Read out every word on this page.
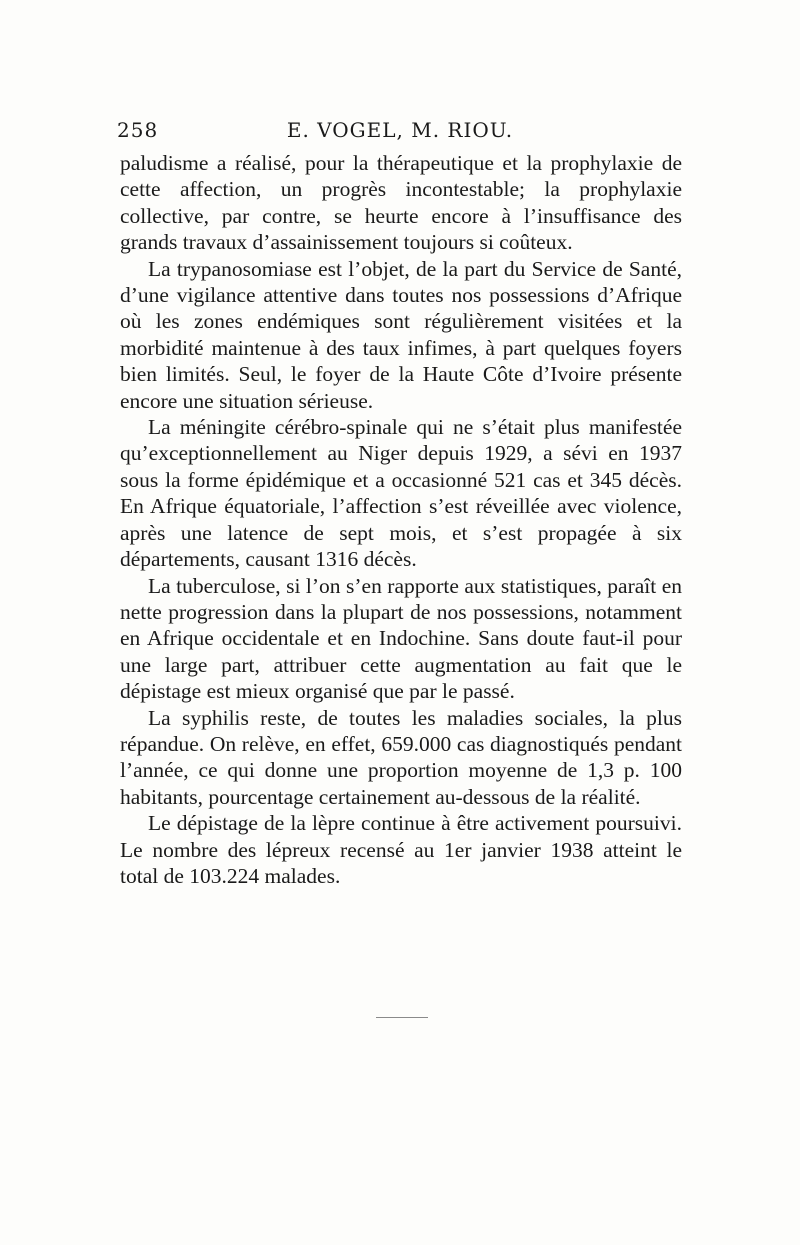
258	E. VOGEL, M. RIOU.

paludisme a réalisé, pour la thérapeutique et la prophylaxie de cette affection, un progrès incontestable; la prophylaxie collective, par contre, se heurte encore à l’insuffisance des grands travaux d’assainissement toujours si coûteux.

La trypanosomiase est l’objet, de la part du Service de Santé, d’une vigilance attentive dans toutes nos possessions d’Afrique où les zones endémiques sont régulièrement visitées et la morbidité maintenue à des taux infimes, à part quelques foyers bien limités. Seul, le foyer de la Haute Côte d’Ivoire présente encore une situation sérieuse.

La méningite cérébro-spinale qui ne s’était plus manifestée qu’exceptionnellement au Niger depuis 1929, a sévi en 1937 sous la forme épidémique et a occasionné 521 cas et 345 décès. En Afrique équatoriale, l’affection s’est réveillée avec violence, après une latence de sept mois, et s’est propagée à six départements, causant 1316 décès.

La tuberculose, si l’on s’en rapporte aux statistiques, paraît en nette progression dans la plupart de nos possessions, notamment en Afrique occidentale et en Indochine. Sans doute faut-il pour une large part, attribuer cette augmentation au fait que le dépistage est mieux organisé que par le passé.

La syphilis reste, de toutes les maladies sociales, la plus répandue. On relève, en effet, 659.000 cas diagnostiqués pendant l’année, ce qui donne une proportion moyenne de 1,3 p. 100 habitants, pourcentage certainement au-dessous de la réalité.

Le dépistage de la lèpre continue à être activement poursuivi. Le nombre des lépreux recensé au 1er janvier 1938 atteint le total de 103.224 malades.
